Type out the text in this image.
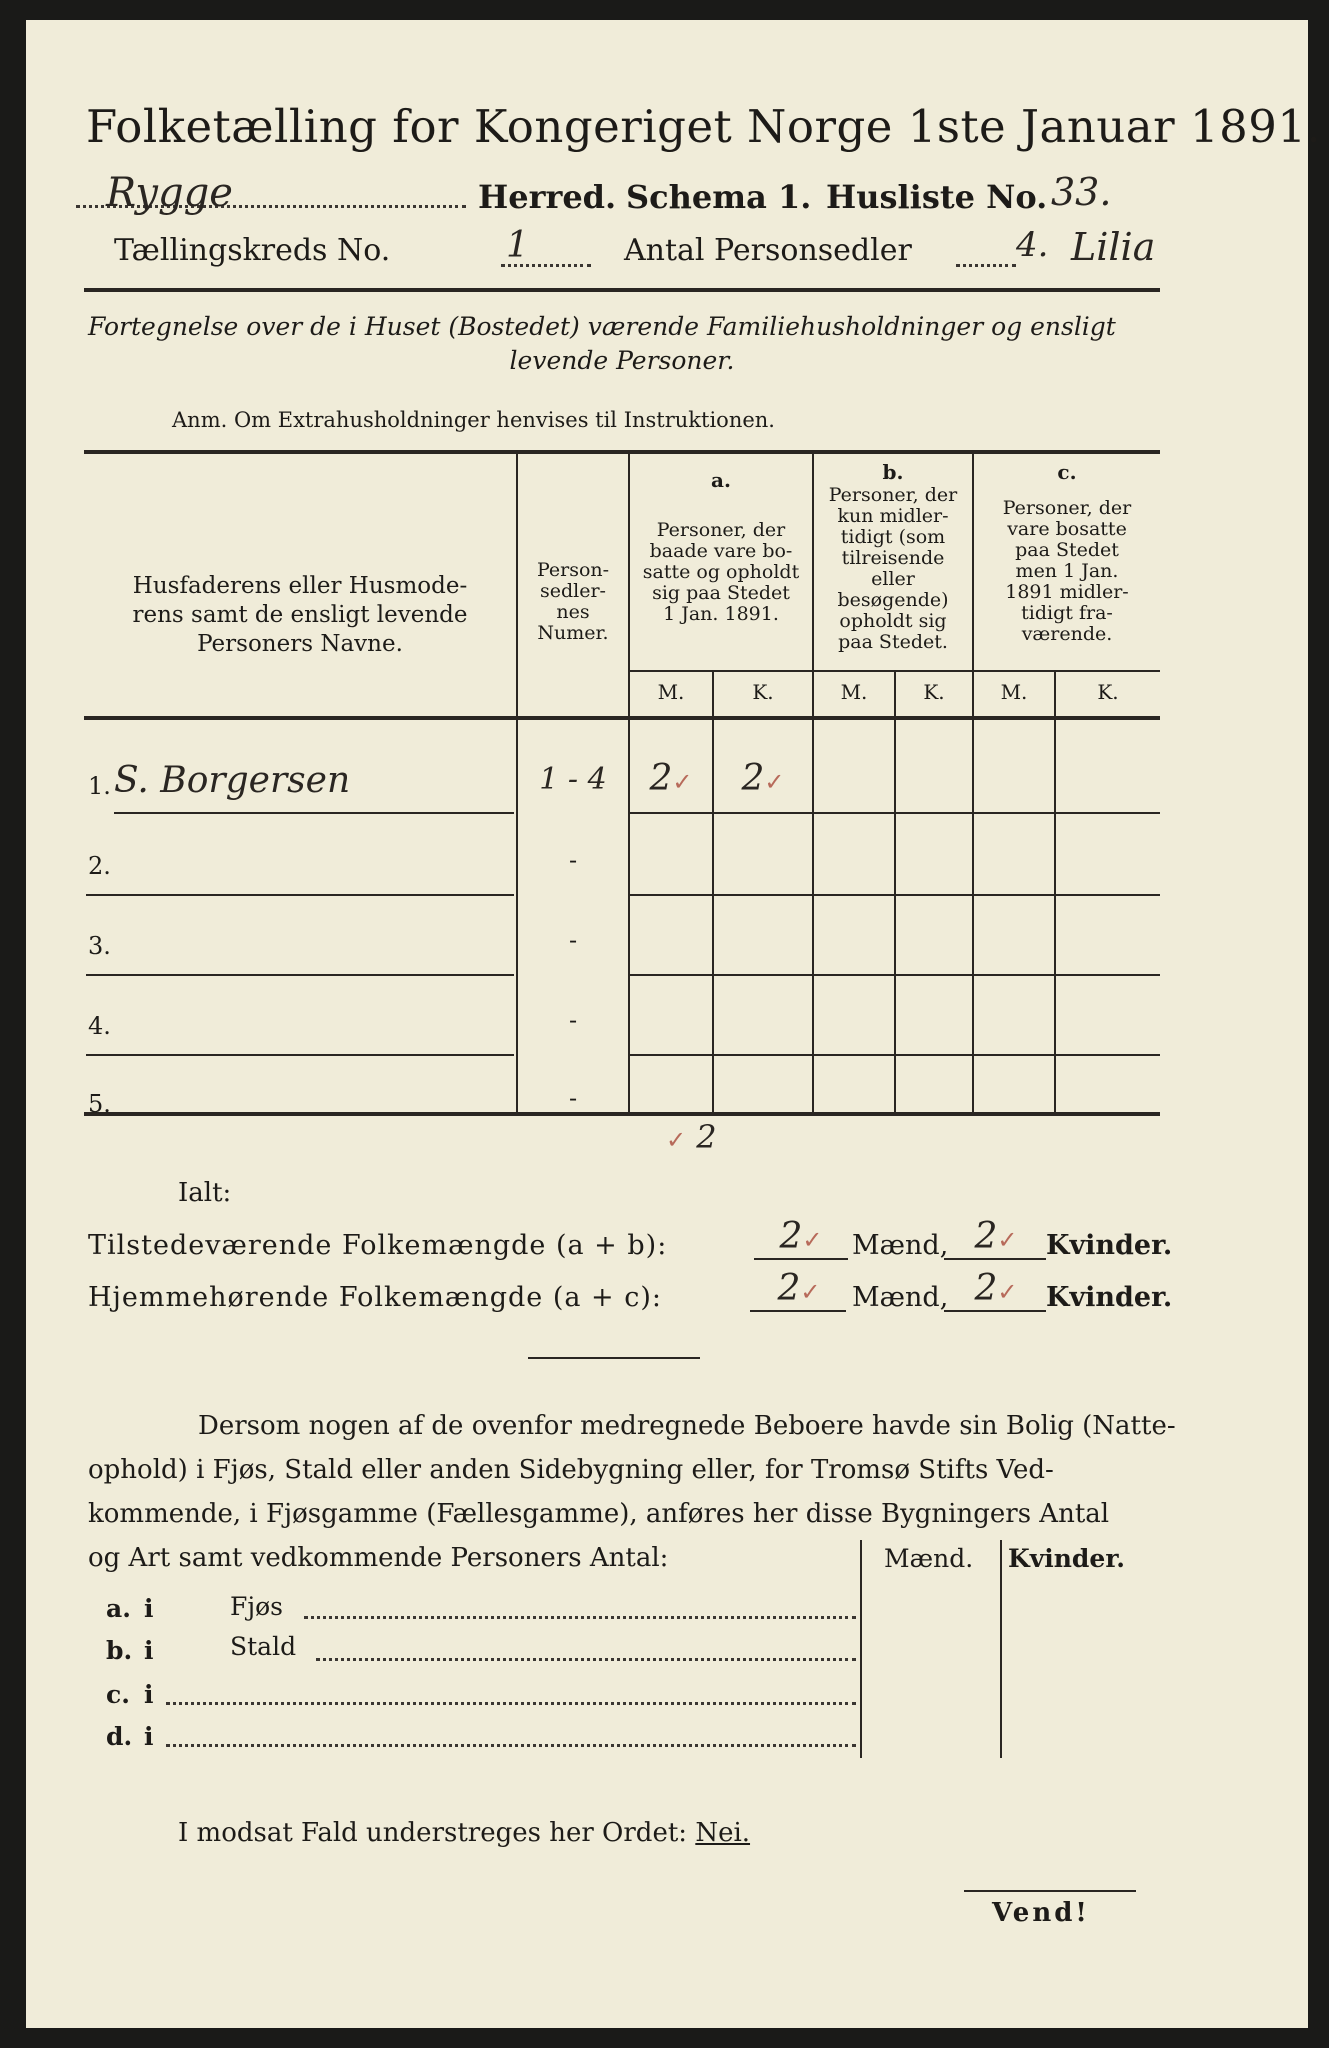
Folketælling for Kongeriget Norge 1ste Januar 1891.
Rygge	Herred. Schema 1. Husliste No. 33.
Tællingskreds No.	1	Antal Personsedler	4. Lilia
Fortegnelse over de i Huset (Bostedet) værende Familiehusholdninger og ensligt
levende Personer.
Anm. Om Extrahusholdninger henvises til Instruktionen.
Husfaderens eller Husmode-
rens samt de ensligt levende
Personers Navne.
Person-
sedler-
nes
Numer.
a.
Personer, der
baade vare bo-
satte og opholdt
sig paa Stedet
1 Jan. 1891.
b.
Personer, der
kun midler-
tidigt (som
tilreisende
eller
besøgende)
opholdt sig
paa Stedet.
c.
Personer, der
vare bosatte
paa Stedet
men 1 Jan.
1891 midler-
tidigt fra-
værende.
M.	K.	M.	K.	M.	K.
1. S. Borgersen	1 - 4	2✓	2✓
2.	-
3.	-
4.	-
5.	-
✓ 2
Ialt:
Tilstedeværende Folkemængde (a + b):	2✓	Mænd, 2✓	Kvinder.
Hjemmehørende Folkemængde (a + c):	2✓	Mænd, 2✓	Kvinder.
Dersom nogen af de ovenfor medregnede Beboere havde sin Bolig (Natte-
ophold) i Fjøs, Stald eller anden Sidebygning eller, for Tromsø Stifts Ved-
kommende, i Fjøsgamme (Fællesgamme), anføres her disse Bygningers Antal
og Art samt vedkommende Personers Antal:	Mænd. Kvinder.
a. i	Fjøs
b. i	Stald
c. i
d. i
I modsat Fald understreges her Ordet: Nei.
Vend!
